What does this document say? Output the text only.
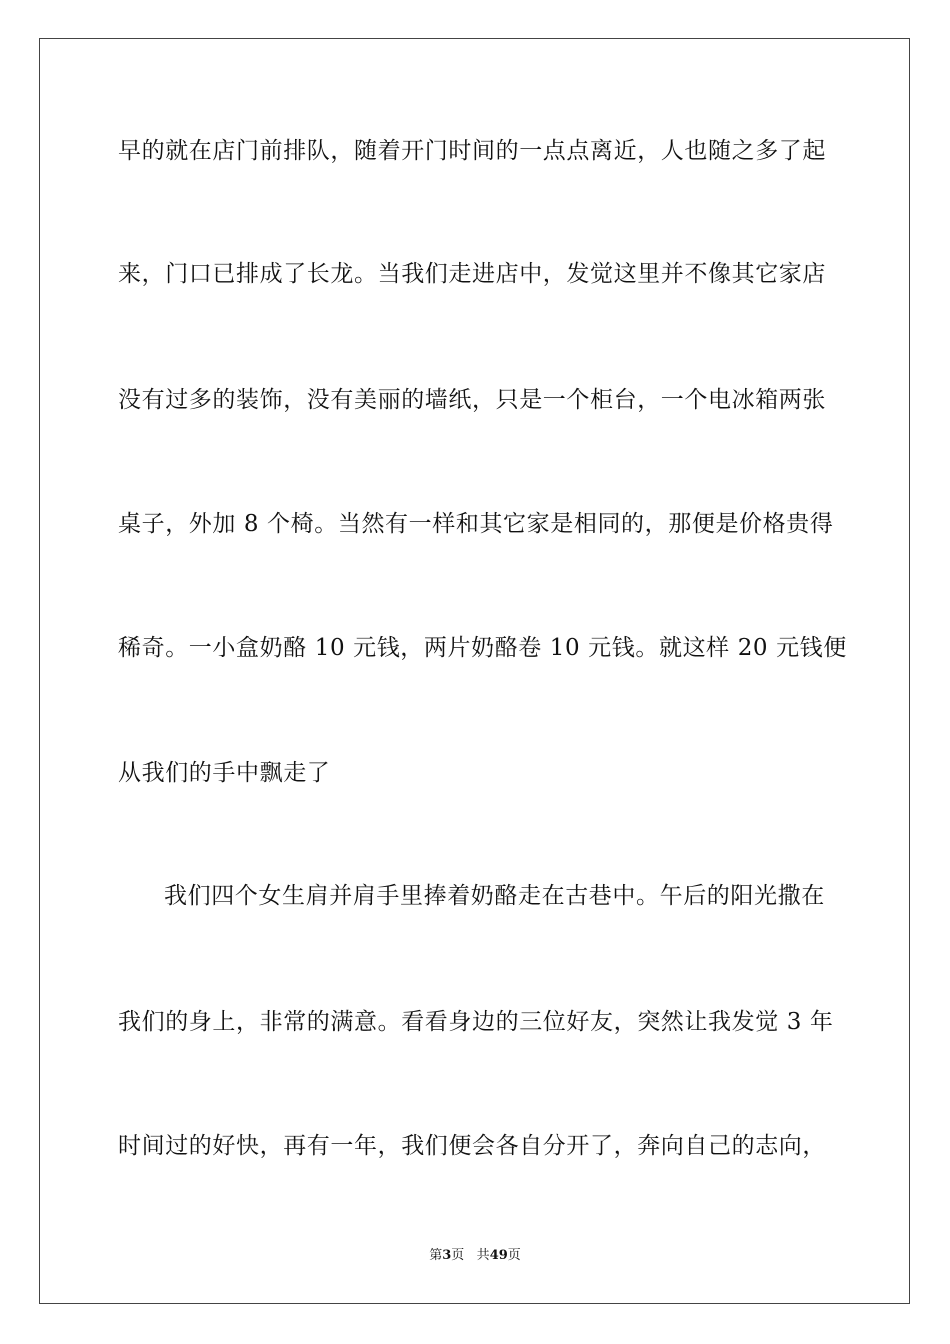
早的就在店门前排队，随着开门时间的一点点离近，人也随之多了起
来，门口已排成了长龙。当我们走进店中，发觉这里并不像其它家店
没有过多的装饰，没有美丽的墙纸，只是一个柜台，一个电冰箱两张
桌子，外加 8 个椅。当然有一样和其它家是相同的，那便是价格贵得
稀奇。一小盒奶酪 10 元钱，两片奶酪卷 10 元钱。就这样 20 元钱便
从我们的手中飘走了
我们四个女生肩并肩手里捧着奶酪走在古巷中。午后的阳光撒在
我们的身上，非常的满意。看看身边的三位好友，突然让我发觉 3 年
时间过的好快，再有一年，我们便会各自分开了，奔向自己的志向，
第3页 共49页
